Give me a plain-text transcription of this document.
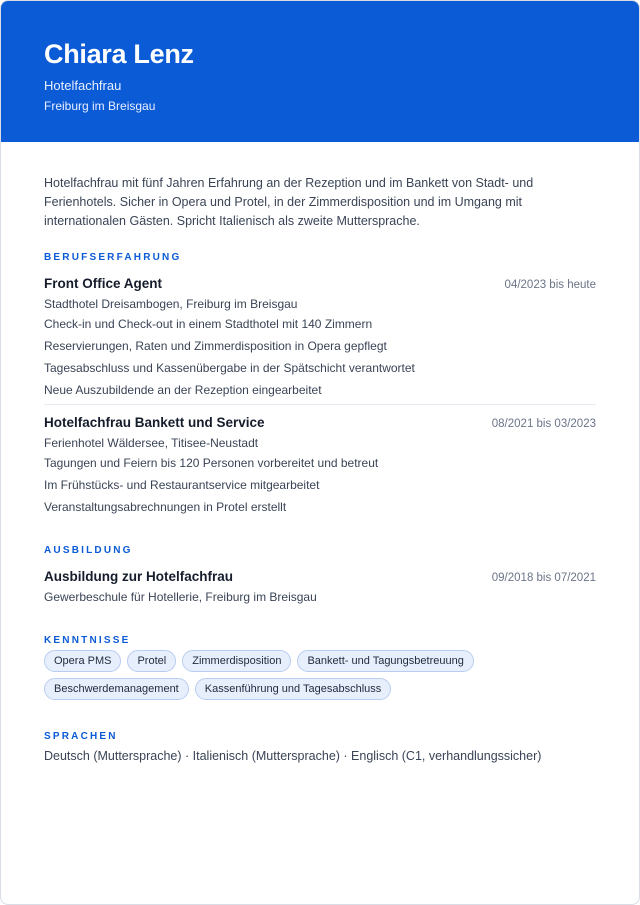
Chiara Lenz
Hotelfachfrau
Freiburg im Breisgau

Hotelfachfrau mit fünf Jahren Erfahrung an der Rezeption und im Bankett von Stadt- und Ferienhotels. Sicher in Opera und Protel, in der Zimmerdisposition und im Umgang mit internationalen Gästen. Spricht Italienisch als zweite Muttersprache.

BERUFSERFAHRUNG
Front Office Agent	04/2023 bis heute
Stadthotel Dreisambogen, Freiburg im Breisgau
Check-in und Check-out in einem Stadthotel mit 140 Zimmern
Reservierungen, Raten und Zimmerdisposition in Opera gepflegt
Tagesabschluss und Kassenübergabe in der Spätschicht verantwortet
Neue Auszubildende an der Rezeption eingearbeitet
Hotelfachfrau Bankett und Service	08/2021 bis 03/2023
Ferienhotel Wäldersee, Titisee-Neustadt
Tagungen und Feiern bis 120 Personen vorbereitet und betreut
Im Frühstücks- und Restaurantservice mitgearbeitet
Veranstaltungsabrechnungen in Protel erstellt
AUSBILDUNG
Ausbildung zur Hotelfachfrau	09/2018 bis 07/2021
Gewerbeschule für Hotellerie, Freiburg im Breisgau
KENNTNISSE
Opera PMS	Protel	Zimmerdisposition	Bankett- und Tagungsbetreuung
Beschwerdemanagement	Kassenführung und Tagesabschluss
SPRACHEN
Deutsch (Muttersprache) · Italienisch (Muttersprache) · Englisch (C1, verhandlungssicher)
